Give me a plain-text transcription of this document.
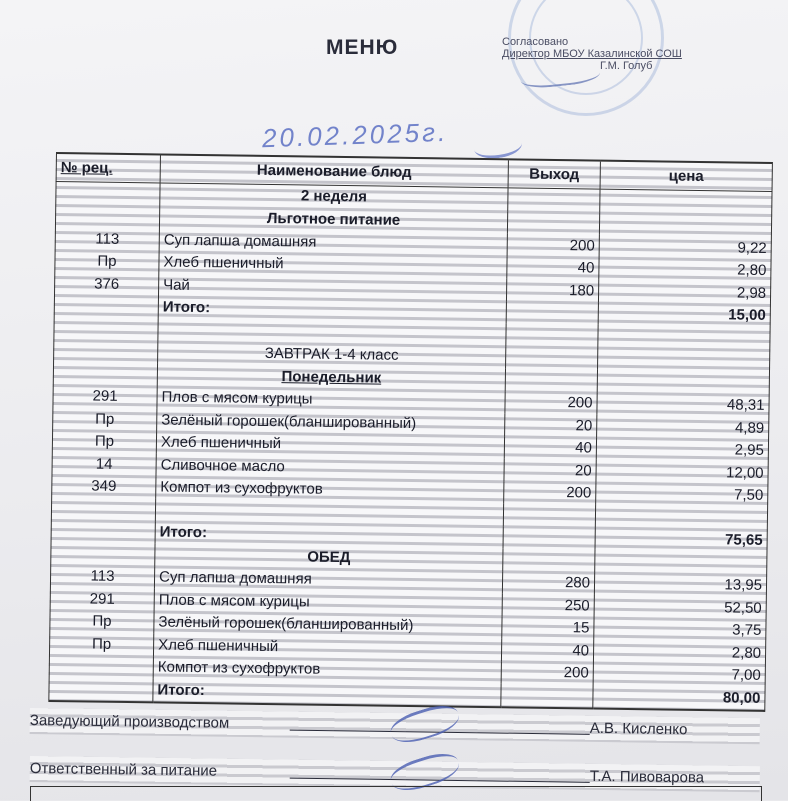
МЕНЮ	Согласовано
Директор МБОУ Казалинской СОШ
Г.М. Голуб
20.02.2025г.
№ рец.	Наименование блюд	Выход	цена
	2 неделя		
	Льготное питание		
113	Суп лапша домашняя	200	9,22
Пр	Хлеб пшеничный	40	2,80
376	Чай	180	2,98
	Итого:		15,00

	ЗАВТРАК 1-4 класс		
	Понедельник		
291	Плов с мясом курицы	200	48,31
Пр	Зелёный горошек(бланшированный)	20	4,89
Пр	Хлеб пшеничный	40	2,95
14	Сливочное масло	20	12,00
349	Компот из сухофруктов	200	7,50

	Итого:		75,65
	ОБЕД		
113	Суп лапша домашняя	280	13,95
291	Плов с мясом курицы	250	52,50
Пр	Зелёный горошек(бланшированный)	15	3,75
Пр	Хлеб пшеничный	40	2,80
	Компот из сухофруктов	200	7,00
	Итого:		80,00
Заведующий производством	А.В. Кисленко
Ответственный за питание	Т.А. Пивоварова
